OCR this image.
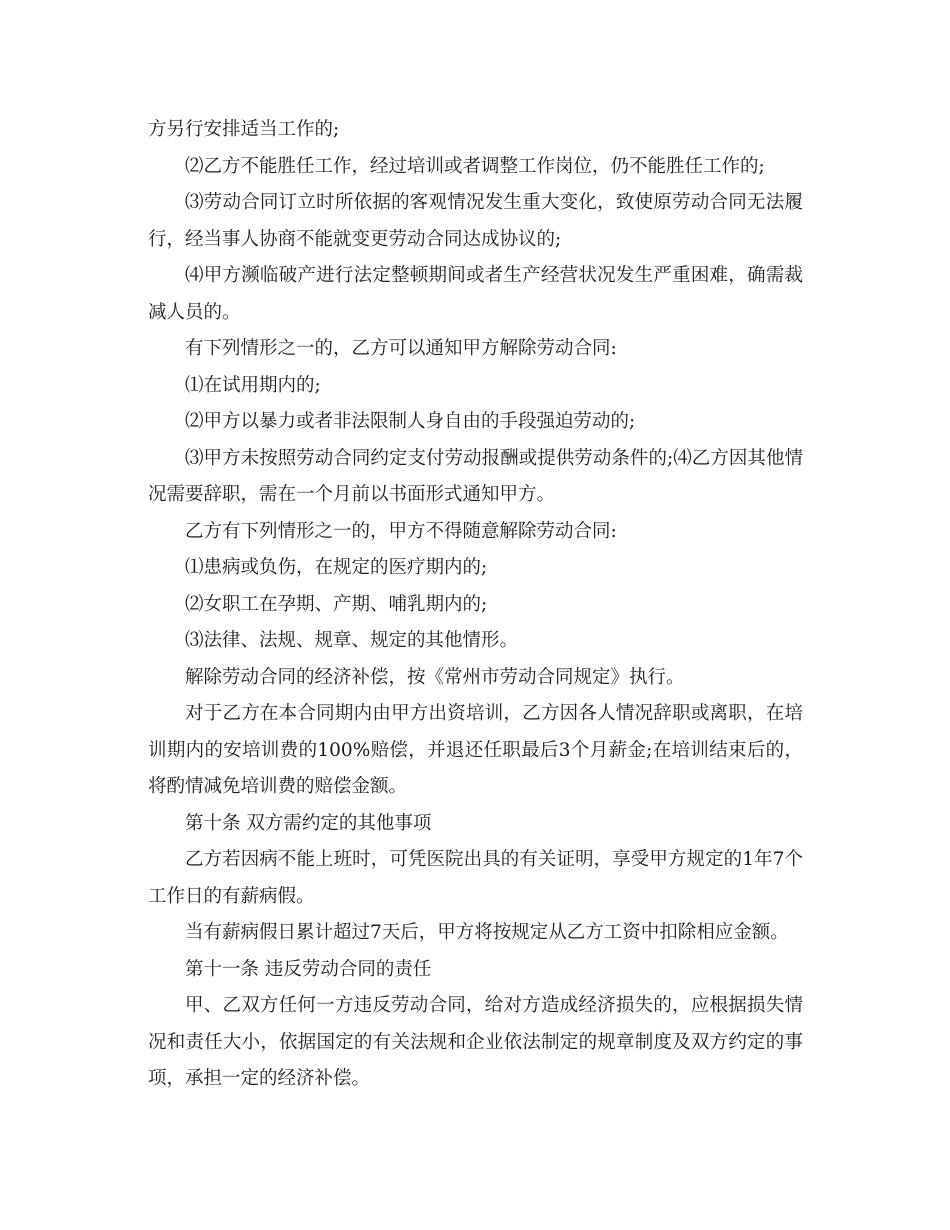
方另行安排适当工作的;

⑵乙方不能胜任工作，经过培训或者调整工作岗位，仍不能胜任工作的;

⑶劳动合同订立时所依据的客观情况发生重大变化，致使原劳动合同无法履行，经当事人协商不能就变更劳动合同达成协议的;

⑷甲方濒临破产进行法定整顿期间或者生产经营状况发生严重困难，确需裁减人员的。

有下列情形之一的，乙方可以通知甲方解除劳动合同:

⑴在试用期内的;

⑵甲方以暴力或者非法限制人身自由的手段强迫劳动的;

⑶甲方未按照劳动合同约定支付劳动报酬或提供劳动条件的;⑷乙方因其他情况需要辞职，需在一个月前以书面形式通知甲方。

乙方有下列情形之一的，甲方不得随意解除劳动合同:

⑴患病或负伤，在规定的医疗期内的;

⑵女职工在孕期、产期、哺乳期内的;

⑶法律、法规、规章、规定的其他情形。

解除劳动合同的经济补偿，按《常州市劳动合同规定》执行。

对于乙方在本合同期内由甲方出资培训，乙方因各人情况辞职或离职，在培训期内的安培训费的100%赔偿，并退还任职最后3个月薪金;在培训结束后的，将酌情减免培训费的赔偿金额。

第十条 双方需约定的其他事项

乙方若因病不能上班时，可凭医院出具的有关证明，享受甲方规定的1年7个工作日的有薪病假。

当有薪病假日累计超过7天后，甲方将按规定从乙方工资中扣除相应金额。

第十一条 违反劳动合同的责任

甲、乙双方任何一方违反劳动合同，给对方造成经济损失的，应根据损失情况和责任大小，依据国定的有关法规和企业依法制定的规章制度及双方约定的事项，承担一定的经济补偿。
